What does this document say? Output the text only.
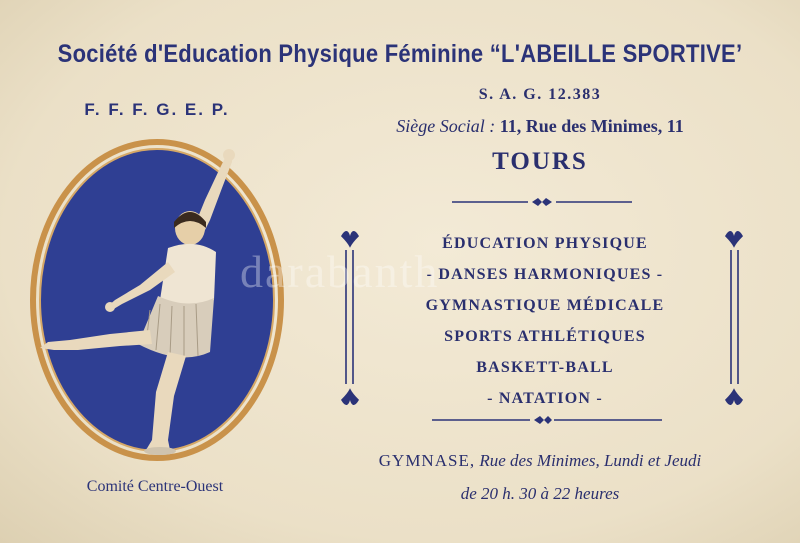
Société d'Education Physique Féminine “L'ABEILLE SPORTIVE’
F. F. F. G. E. P.
S. A. G. 12.383
Siège Social : 11, Rue des Minimes, 11
TOURS
ÉDUCATION PHYSIQUE
- DANSES HARMONIQUES -
GYMNASTIQUE MÉDICALE
SPORTS ATHLÉTIQUES
BASKETT-BALL
- NATATION -
GYMNASE, Rue des Minimes, Lundi et Jeudi
de 20 h. 30 à 22 heures
Comité Centre-Ouest
darabanth
